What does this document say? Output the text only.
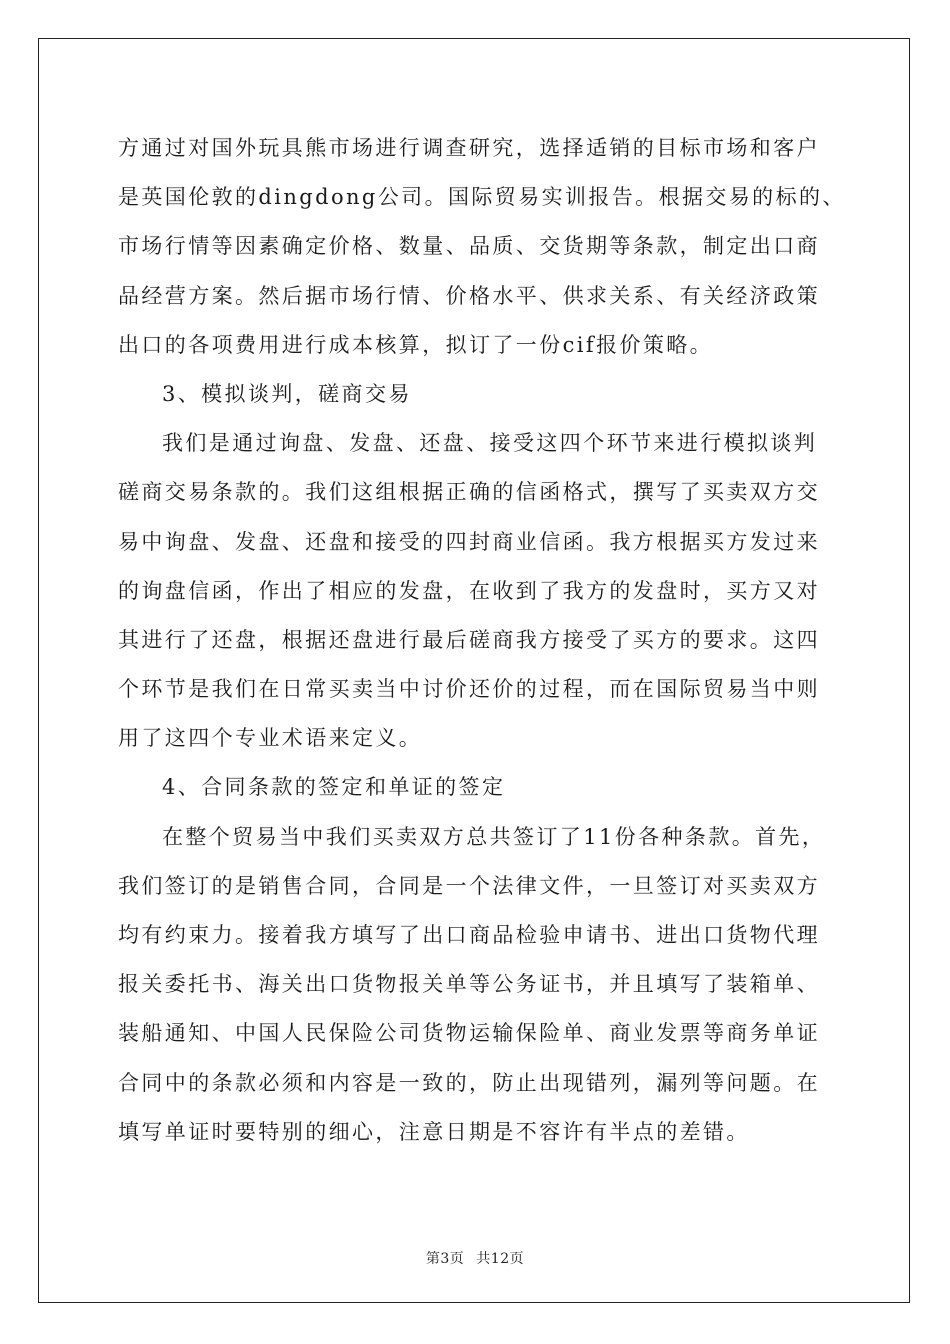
方通过对国外玩具熊市场进行调查研究，选择适销的目标市场和客户
是英国伦敦的dingdong公司。国际贸易实训报告。根据交易的标的、
市场行情等因素确定价格、数量、品质、交货期等条款，制定出口商
品经营方案。然后据市场行情、价格水平、供求关系、有关经济政策
出口的各项费用进行成本核算，拟订了一份cif报价策略。
3、模拟谈判，磋商交易
我们是通过询盘、发盘、还盘、接受这四个环节来进行模拟谈判
磋商交易条款的。我们这组根据正确的信函格式，撰写了买卖双方交
易中询盘、发盘、还盘和接受的四封商业信函。我方根据买方发过来
的询盘信函，作出了相应的发盘，在收到了我方的发盘时，买方又对
其进行了还盘，根据还盘进行最后磋商我方接受了买方的要求。这四
个环节是我们在日常买卖当中讨价还价的过程，而在国际贸易当中则
用了这四个专业术语来定义。
4、合同条款的签定和单证的签定
在整个贸易当中我们买卖双方总共签订了11份各种条款。首先，
我们签订的是销售合同，合同是一个法律文件，一旦签订对买卖双方
均有约束力。接着我方填写了出口商品检验申请书、进出口货物代理
报关委托书、海关出口货物报关单等公务证书，并且填写了装箱单、
装船通知、中国人民保险公司货物运输保险单、商业发票等商务单证
合同中的条款必须和内容是一致的，防止出现错列，漏列等问题。在
填写单证时要特别的细心，注意日期是不容许有半点的差错。
第3页 共12页
